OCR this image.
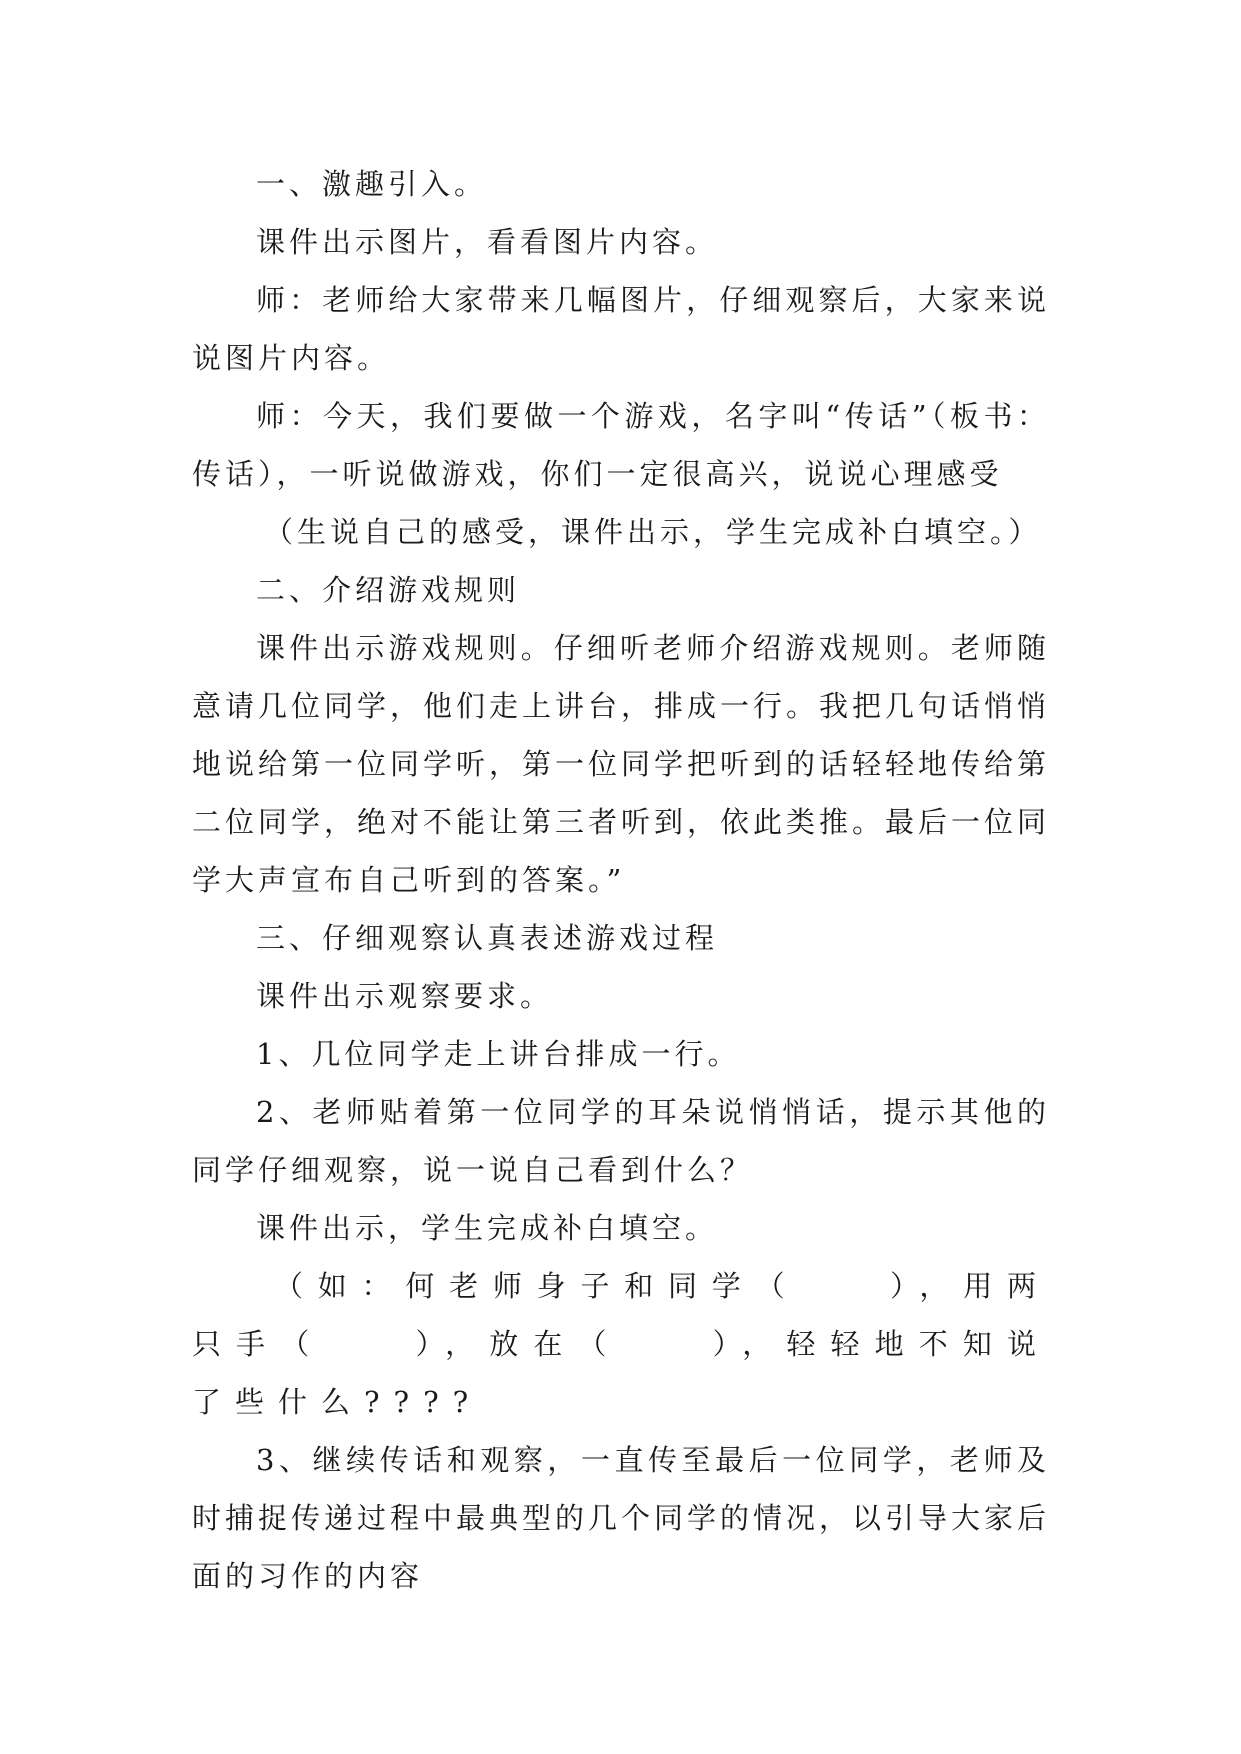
一、激趣引入。

课件出示图片，看看图片内容。

师：老师给大家带来几幅图片，仔细观察后，大家来说说图片内容。

师：今天，我们要做一个游戏，名字叫“传话”（板书：传话），一听说做游戏，你们一定很高兴，说说心理感受

（生说自己的感受，课件出示，学生完成补白填空。）

二、介绍游戏规则

课件出示游戏规则。仔细听老师介绍游戏规则。老师随意请几位同学，他们走上讲台，排成一行。我把几句话悄悄地说给第一位同学听，第一位同学把听到的话轻轻地传给第二位同学，绝对不能让第三者听到，依此类推。最后一位同学大声宣布自己听到的答案。”

三、仔细观察认真表述游戏过程

课件出示观察要求。

1、几位同学走上讲台排成一行。

2、老师贴着第一位同学的耳朵说悄悄话，提示其他的同学仔细观察，说一说自己看到什么？

课件出示，学生完成补白填空。

（如：何老师身子和同学（	），用两只手（	），放在（	），轻轻地不知说了些什么????

3、继续传话和观察，一直传至最后一位同学，老师及时捕捉传递过程中最典型的几个同学的情况，以引导大家后面的习作的内容
